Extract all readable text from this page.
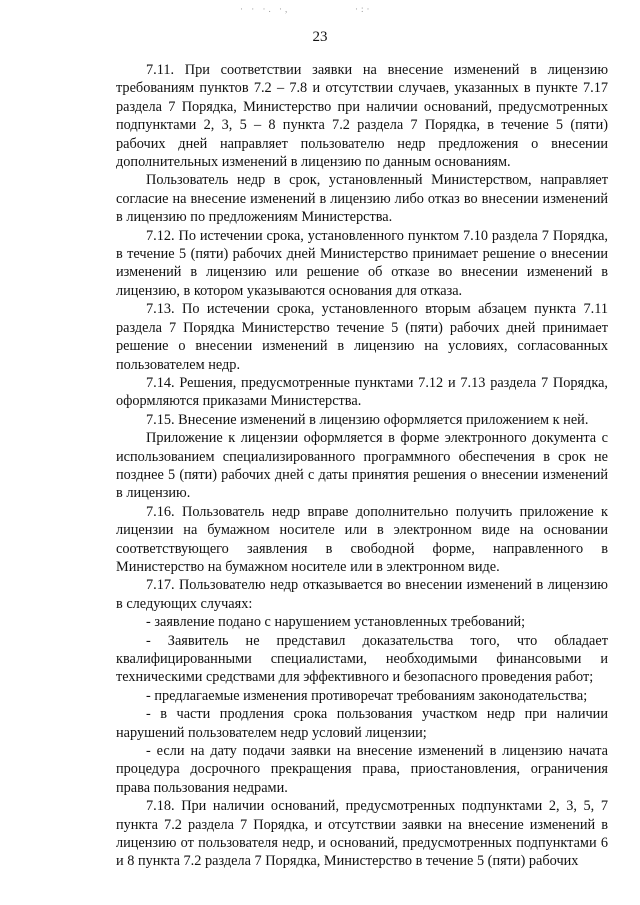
· · ·. ·,	·:·
23

7.11. При соответствии заявки на внесение изменений в лицензию требованиям пунктов 7.2 – 7.8 и отсутствии случаев, указанных в пункте 7.17 раздела 7 Порядка, Министерство при наличии оснований, предусмотренных подпунктами 2, 3, 5 – 8 пункта 7.2 раздела 7 Порядка, в течение 5 (пяти) рабочих дней направляет пользователю недр предложения о внесении дополнительных изменений в лицензию по данным основаниям.

Пользователь недр в срок, установленный Министерством, направляет согласие на внесение изменений в лицензию либо отказ во внесении изменений в лицензию по предложениям Министерства.

7.12. По истечении срока, установленного пунктом 7.10 раздела 7 Порядка, в течение 5 (пяти) рабочих дней Министерство принимает решение о внесении изменений в лицензию или решение об отказе во внесении изменений в лицензию, в котором указываются основания для отказа.

7.13. По истечении срока, установленного вторым абзацем пункта 7.11 раздела 7 Порядка Министерство течение 5 (пяти) рабочих дней принимает решение о внесении изменений в лицензию на условиях, согласованных пользователем недр.

7.14. Решения, предусмотренные пунктами 7.12 и 7.13 раздела 7 Порядка, оформляются приказами Министерства.

7.15. Внесение изменений в лицензию оформляется приложением к ней.

Приложение к лицензии оформляется в форме электронного документа с использованием специализированного программного обеспечения в срок не позднее 5 (пяти) рабочих дней с даты принятия решения о внесении изменений в лицензию.

7.16. Пользователь недр вправе дополнительно получить приложение к лицензии на бумажном носителе или в электронном виде на основании соответствующего заявления в свободной форме, направленного в Министерство на бумажном носителе или в электронном виде.

7.17. Пользователю недр отказывается во внесении изменений в лицензию в следующих случаях:

- заявление подано с нарушением установленных требований;

- Заявитель не представил доказательства того, что обладает квалифицированными специалистами, необходимыми финансовыми и техническими средствами для эффективного и безопасного проведения работ;

- предлагаемые изменения противоречат требованиям законодательства;

- в части продления срока пользования участком недр при наличии нарушений пользователем недр условий лицензии;

- если на дату подачи заявки на внесение изменений в лицензию начата процедура досрочного прекращения права, приостановления, ограничения права пользования недрами.

7.18. При наличии оснований, предусмотренных подпунктами 2, 3, 5, 7 пункта 7.2 раздела 7 Порядка, и отсутствии заявки на внесение изменений в лицензию от пользователя недр, и оснований, предусмотренных подпунктами 6 и 8 пункта 7.2 раздела 7 Порядка, Министерство в течение 5 (пяти) рабочих
